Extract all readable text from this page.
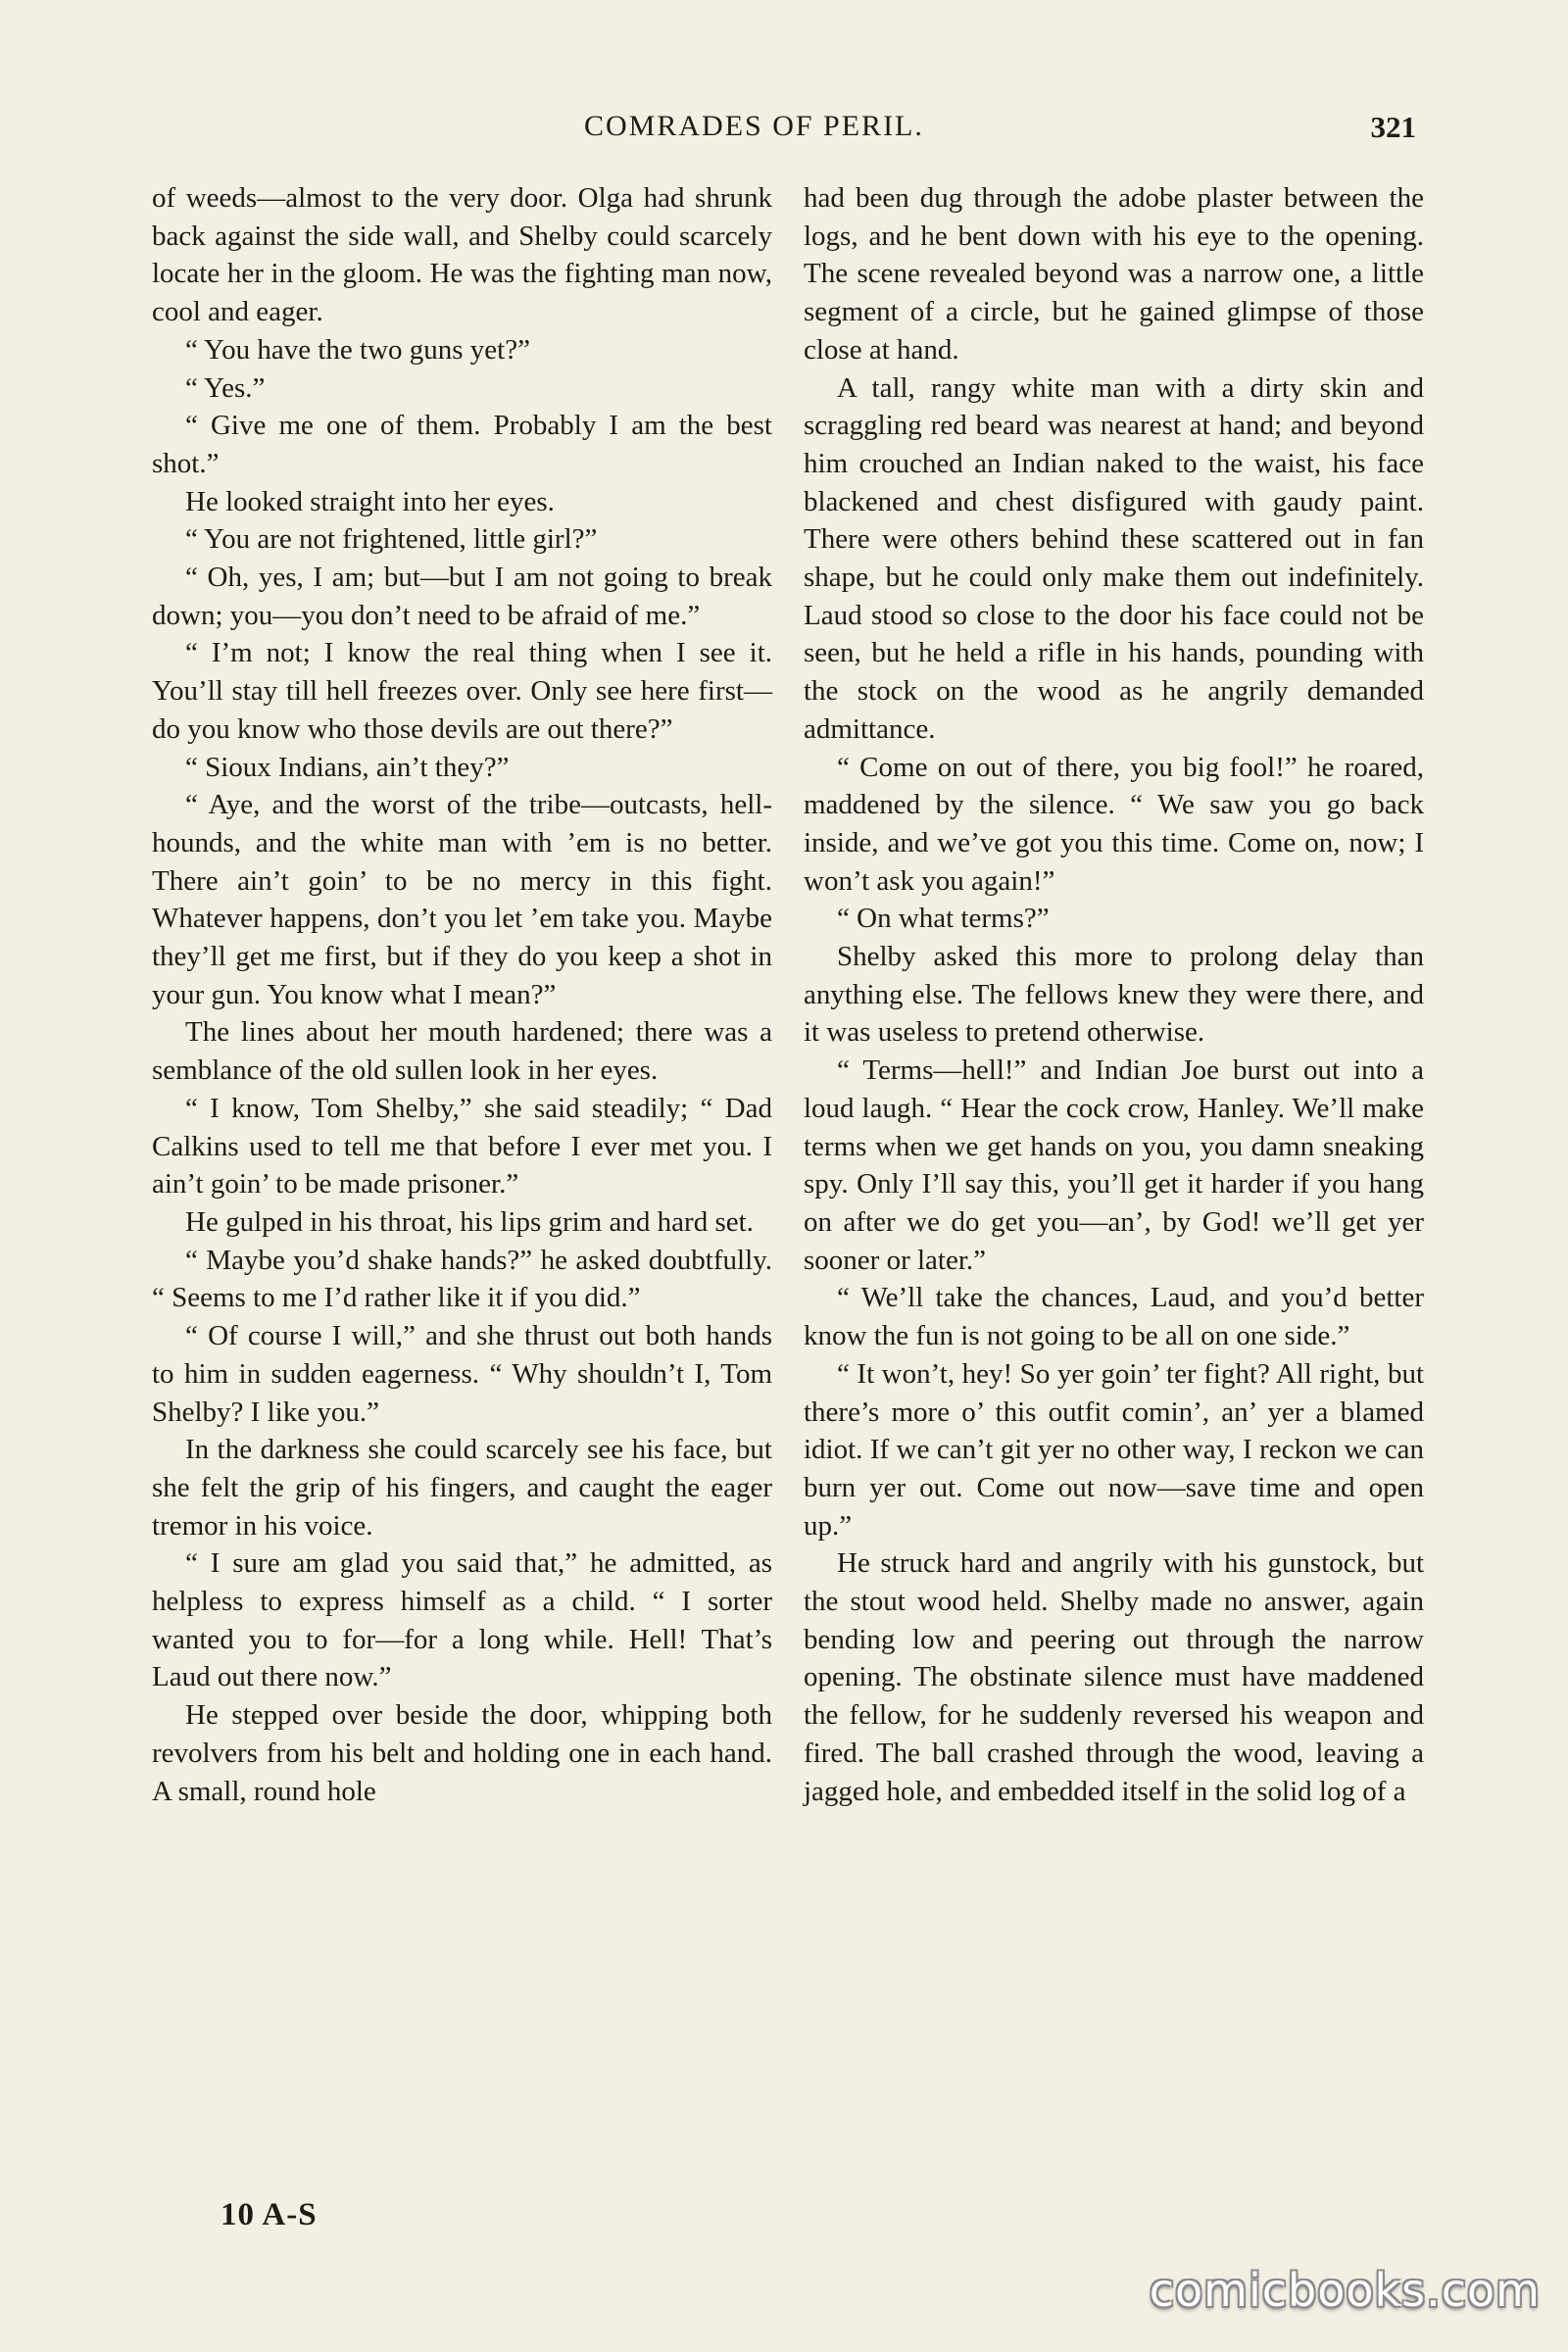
COMRADES OF PERIL.	321

of weeds—almost to the very door. Olga had shrunk back against the side wall, and Shelby could scarcely locate her in the gloom. He was the fighting man now, cool and eager.

“ You have the two guns yet?”

“ Yes.”

“ Give me one of them. Probably I am the best shot.”

He looked straight into her eyes.

“ You are not frightened, little girl?”

“ Oh, yes, I am; but—but I am not going to break down; you—you don’t need to be afraid of me.”

“ I’m not; I know the real thing when I see it. You’ll stay till hell freezes over. Only see here first—do you know who those devils are out there?”

“ Sioux Indians, ain’t they?”

“ Aye, and the worst of the tribe—outcasts, hell-hounds, and the white man with ’em is no better. There ain’t goin’ to be no mercy in this fight. Whatever happens, don’t you let ’em take you. Maybe they’ll get me first, but if they do you keep a shot in your gun. You know what I mean?”

The lines about her mouth hardened; there was a semblance of the old sullen look in her eyes.

“ I know, Tom Shelby,” she said steadily; “ Dad Calkins used to tell me that before I ever met you. I ain’t goin’ to be made prisoner.”

He gulped in his throat, his lips grim and hard set.

“ Maybe you’d shake hands?” he asked doubtfully. “ Seems to me I’d rather like it if you did.”

“ Of course I will,” and she thrust out both hands to him in sudden eagerness. “ Why shouldn’t I, Tom Shelby? I like you.”

In the darkness she could scarcely see his face, but she felt the grip of his fingers, and caught the eager tremor in his voice.

“ I sure am glad you said that,” he admitted, as helpless to express himself as a child. “ I sorter wanted you to for—for a long while. Hell! That’s Laud out there now.”

He stepped over beside the door, whipping both revolvers from his belt and holding one in each hand. A small, round hole

had been dug through the adobe plaster between the logs, and he bent down with his eye to the opening. The scene revealed beyond was a narrow one, a little segment of a circle, but he gained glimpse of those close at hand.

A tall, rangy white man with a dirty skin and scraggling red beard was nearest at hand; and beyond him crouched an Indian naked to the waist, his face blackened and chest disfigured with gaudy paint. There were others behind these scattered out in fan shape, but he could only make them out indefinitely. Laud stood so close to the door his face could not be seen, but he held a rifle in his hands, pounding with the stock on the wood as he angrily demanded admittance.

“ Come on out of there, you big fool!” he roared, maddened by the silence. “ We saw you go back inside, and we’ve got you this time. Come on, now; I won’t ask you again!”

“ On what terms?”

Shelby asked this more to prolong delay than anything else. The fellows knew they were there, and it was useless to pretend otherwise.

“ Terms—hell!” and Indian Joe burst out into a loud laugh. “ Hear the cock crow, Hanley. We’ll make terms when we get hands on you, you damn sneaking spy. Only I’ll say this, you’ll get it harder if you hang on after we do get you—an’, by God! we’ll get yer sooner or later.”

“ We’ll take the chances, Laud, and you’d better know the fun is not going to be all on one side.”

“ It won’t, hey! So yer goin’ ter fight? All right, but there’s more o’ this outfit comin’, an’ yer a blamed idiot. If we can’t git yer no other way, I reckon we can burn yer out. Come out now—save time and open up.”

He struck hard and angrily with his gunstock, but the stout wood held. Shelby made no answer, again bending low and peering out through the narrow opening. The obstinate silence must have maddened the fellow, for he suddenly reversed his weapon and fired. The ball crashed through the wood, leaving a jagged hole, and embedded itself in the solid log of a

10 A-S
comicbooks.com
